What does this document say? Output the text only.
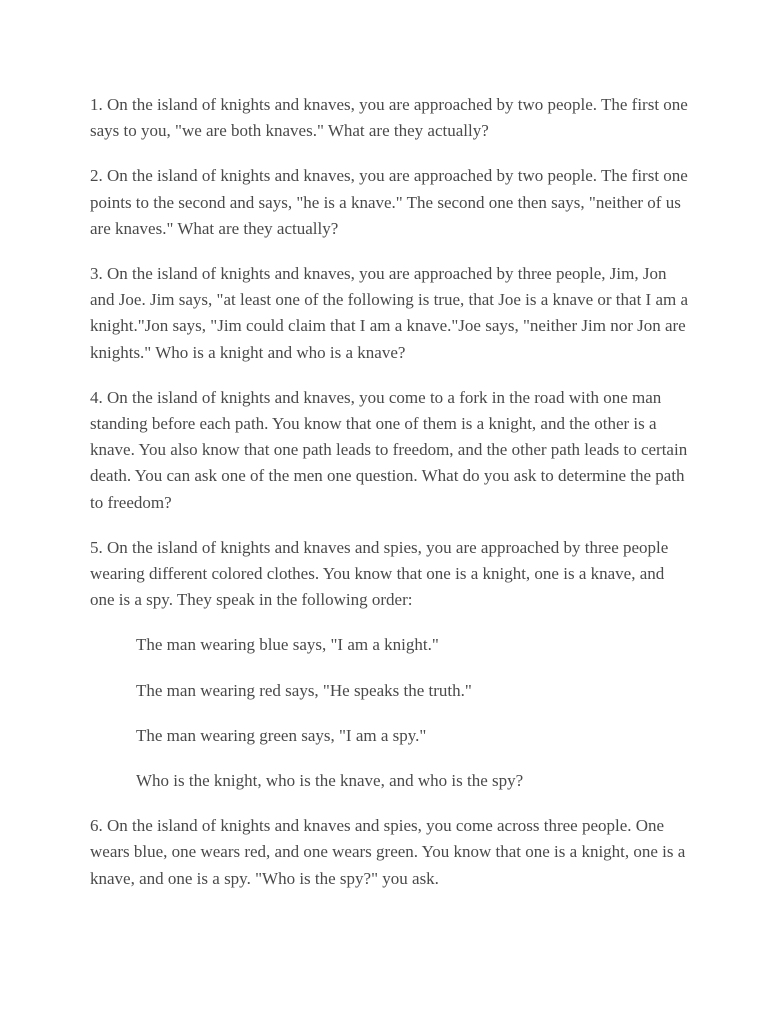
1. On the island of knights and knaves, you are approached by two people. The first one says to you, "we are both knaves." What are they actually?

2. On the island of knights and knaves, you are approached by two people. The first one points to the second and says, "he is a knave." The second one then says, "neither of us are knaves." What are they actually?

3. On the island of knights and knaves, you are approached by three people, Jim, Jon and Joe. Jim says, "at least one of the following is true, that Joe is a knave or that I am a knight."Jon says, "Jim could claim that I am a knave."Joe says, "neither Jim nor Jon are knights." Who is a knight and who is a knave?

4. On the island of knights and knaves, you come to a fork in the road with one man standing before each path. You know that one of them is a knight, and the other is a knave. You also know that one path leads to freedom, and the other path leads to certain death. You can ask one of the men one question. What do you ask to determine the path to freedom?

5. On the island of knights and knaves and spies, you are approached by three people wearing different colored clothes. You know that one is a knight, one is a knave, and one is a spy. They speak in the following order:

The man wearing blue says, "I am a knight."

The man wearing red says, "He speaks the truth."

The man wearing green says, "I am a spy."

Who is the knight, who is the knave, and who is the spy?

6. On the island of knights and knaves and spies, you come across three people. One wears blue, one wears red, and one wears green. You know that one is a knight, one is a knave, and one is a spy. "Who is the spy?" you ask.
